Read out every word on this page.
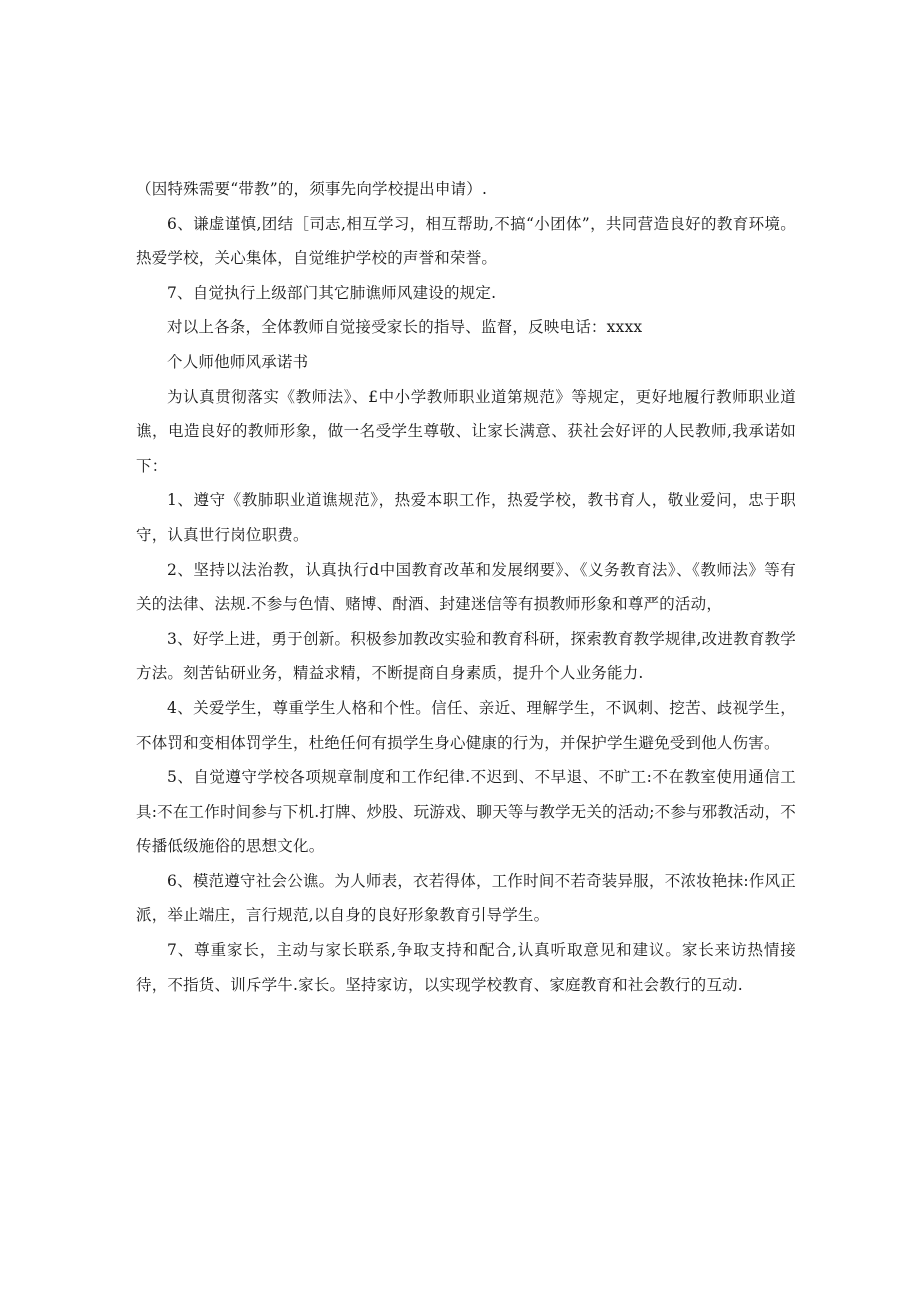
（因特殊需要“带教”的，须事先向学校提出申请）.

6、谦虚谨慎,团结［司志,相互学习，相互帮助,不搞“小团体”，共同营造良好的教育环境。热爱学校，关心集体，自觉维护学校的声誉和荣誉。

7、自觉执行上级部门其它肺谯师风建设的规定.

对以上各条，全体教师自觉接受家长的指导、监督，反映电话：xxxx

个人师他师风承诺书

为认真贯彻落实《教师法》、£中小学教师职业道第规范》等规定，更好地履行教师职业道谯，电造良好的教师形象，做一名受学生尊敬、让家长满意、获社会好评的人民教师,我承诺如下：

1、遵守《教肺职业道谯规范》，热爱本职工作，热爱学校，教书育人，敬业爱问，忠于职守，认真世行岗位职费。

2、坚持以法治教，认真执行d中国教育改革和发展纲要》、《义务教育法》、《教师法》等有关的法律、法规.不参与色情、赌博、酎酒、封建迷信等有损教师形象和尊严的活动，

3、好学上进，勇于创新。积极参加教改实验和教育科研，探索教育教学规律,改进教育教学方法。刻苦钻研业务，精益求精，不断提商自身素质，提升个人业务能力.

4、关爱学生，尊重学生人格和个性。信任、亲近、理解学生，不讽刺、挖苦、歧视学生，不体罚和变相体罚学生，杜绝任何有损学生身心健康的行为，并保护学生避免受到他人伤害。

5、自觉遵守学校各项规章制度和工作纪律.不迟到、不早退、不旷工:不在教室使用通信工具:不在工作时间参与下机.打牌、炒股、玩游戏、聊天等与教学无关的活动;不参与邪教活动，不传播低级施俗的思想文化。

6、模范遵守社会公谯。为人师表，衣若得体，工作时间不若奇装异服，不浓妆艳抹:作风正派，举止端庄，言行规范,以自身的良好形象教育引导学生。

7、尊重家长，主动与家长联系,争取支持和配合,认真听取意见和建议。家长来访热情接待，不指货、训斥学牛.家长。坚持家访，以实现学校教育、家庭教育和社会教行的互动.
